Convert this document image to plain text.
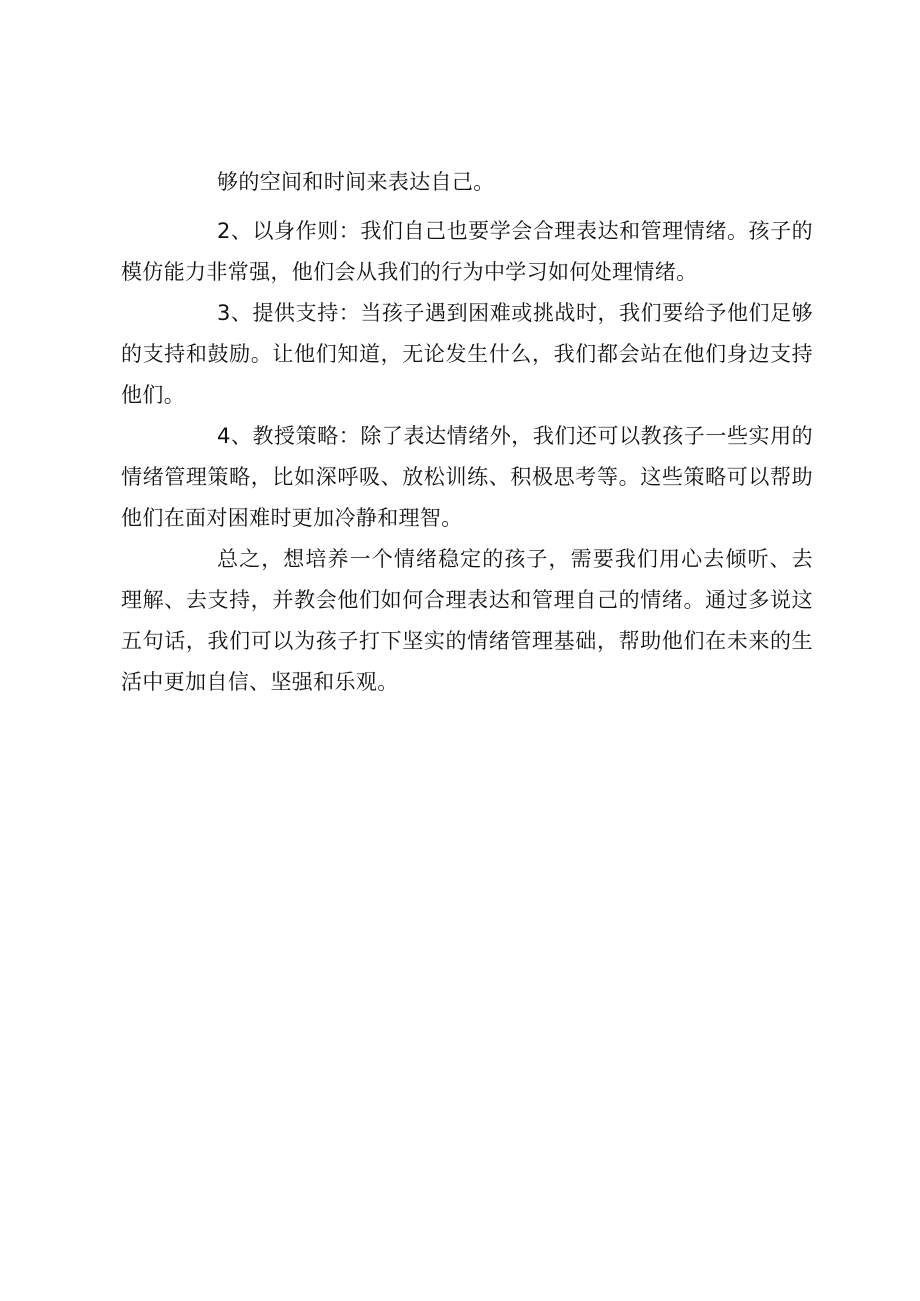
够的空间和时间来表达自己。

2、以身作则：我们自己也要学会合理表达和管理情绪。孩子的模仿能力非常强，他们会从我们的行为中学习如何处理情绪。

3、提供支持：当孩子遇到困难或挑战时，我们要给予他们足够的支持和鼓励。让他们知道，无论发生什么，我们都会站在他们身边支持他们。

4、教授策略：除了表达情绪外，我们还可以教孩子一些实用的情绪管理策略，比如深呼吸、放松训练、积极思考等。这些策略可以帮助他们在面对困难时更加冷静和理智。

总之，想培养一个情绪稳定的孩子，需要我们用心去倾听、去理解、去支持，并教会他们如何合理表达和管理自己的情绪。通过多说这五句话，我们可以为孩子打下坚实的情绪管理基础，帮助他们在未来的生活中更加自信、坚强和乐观。
